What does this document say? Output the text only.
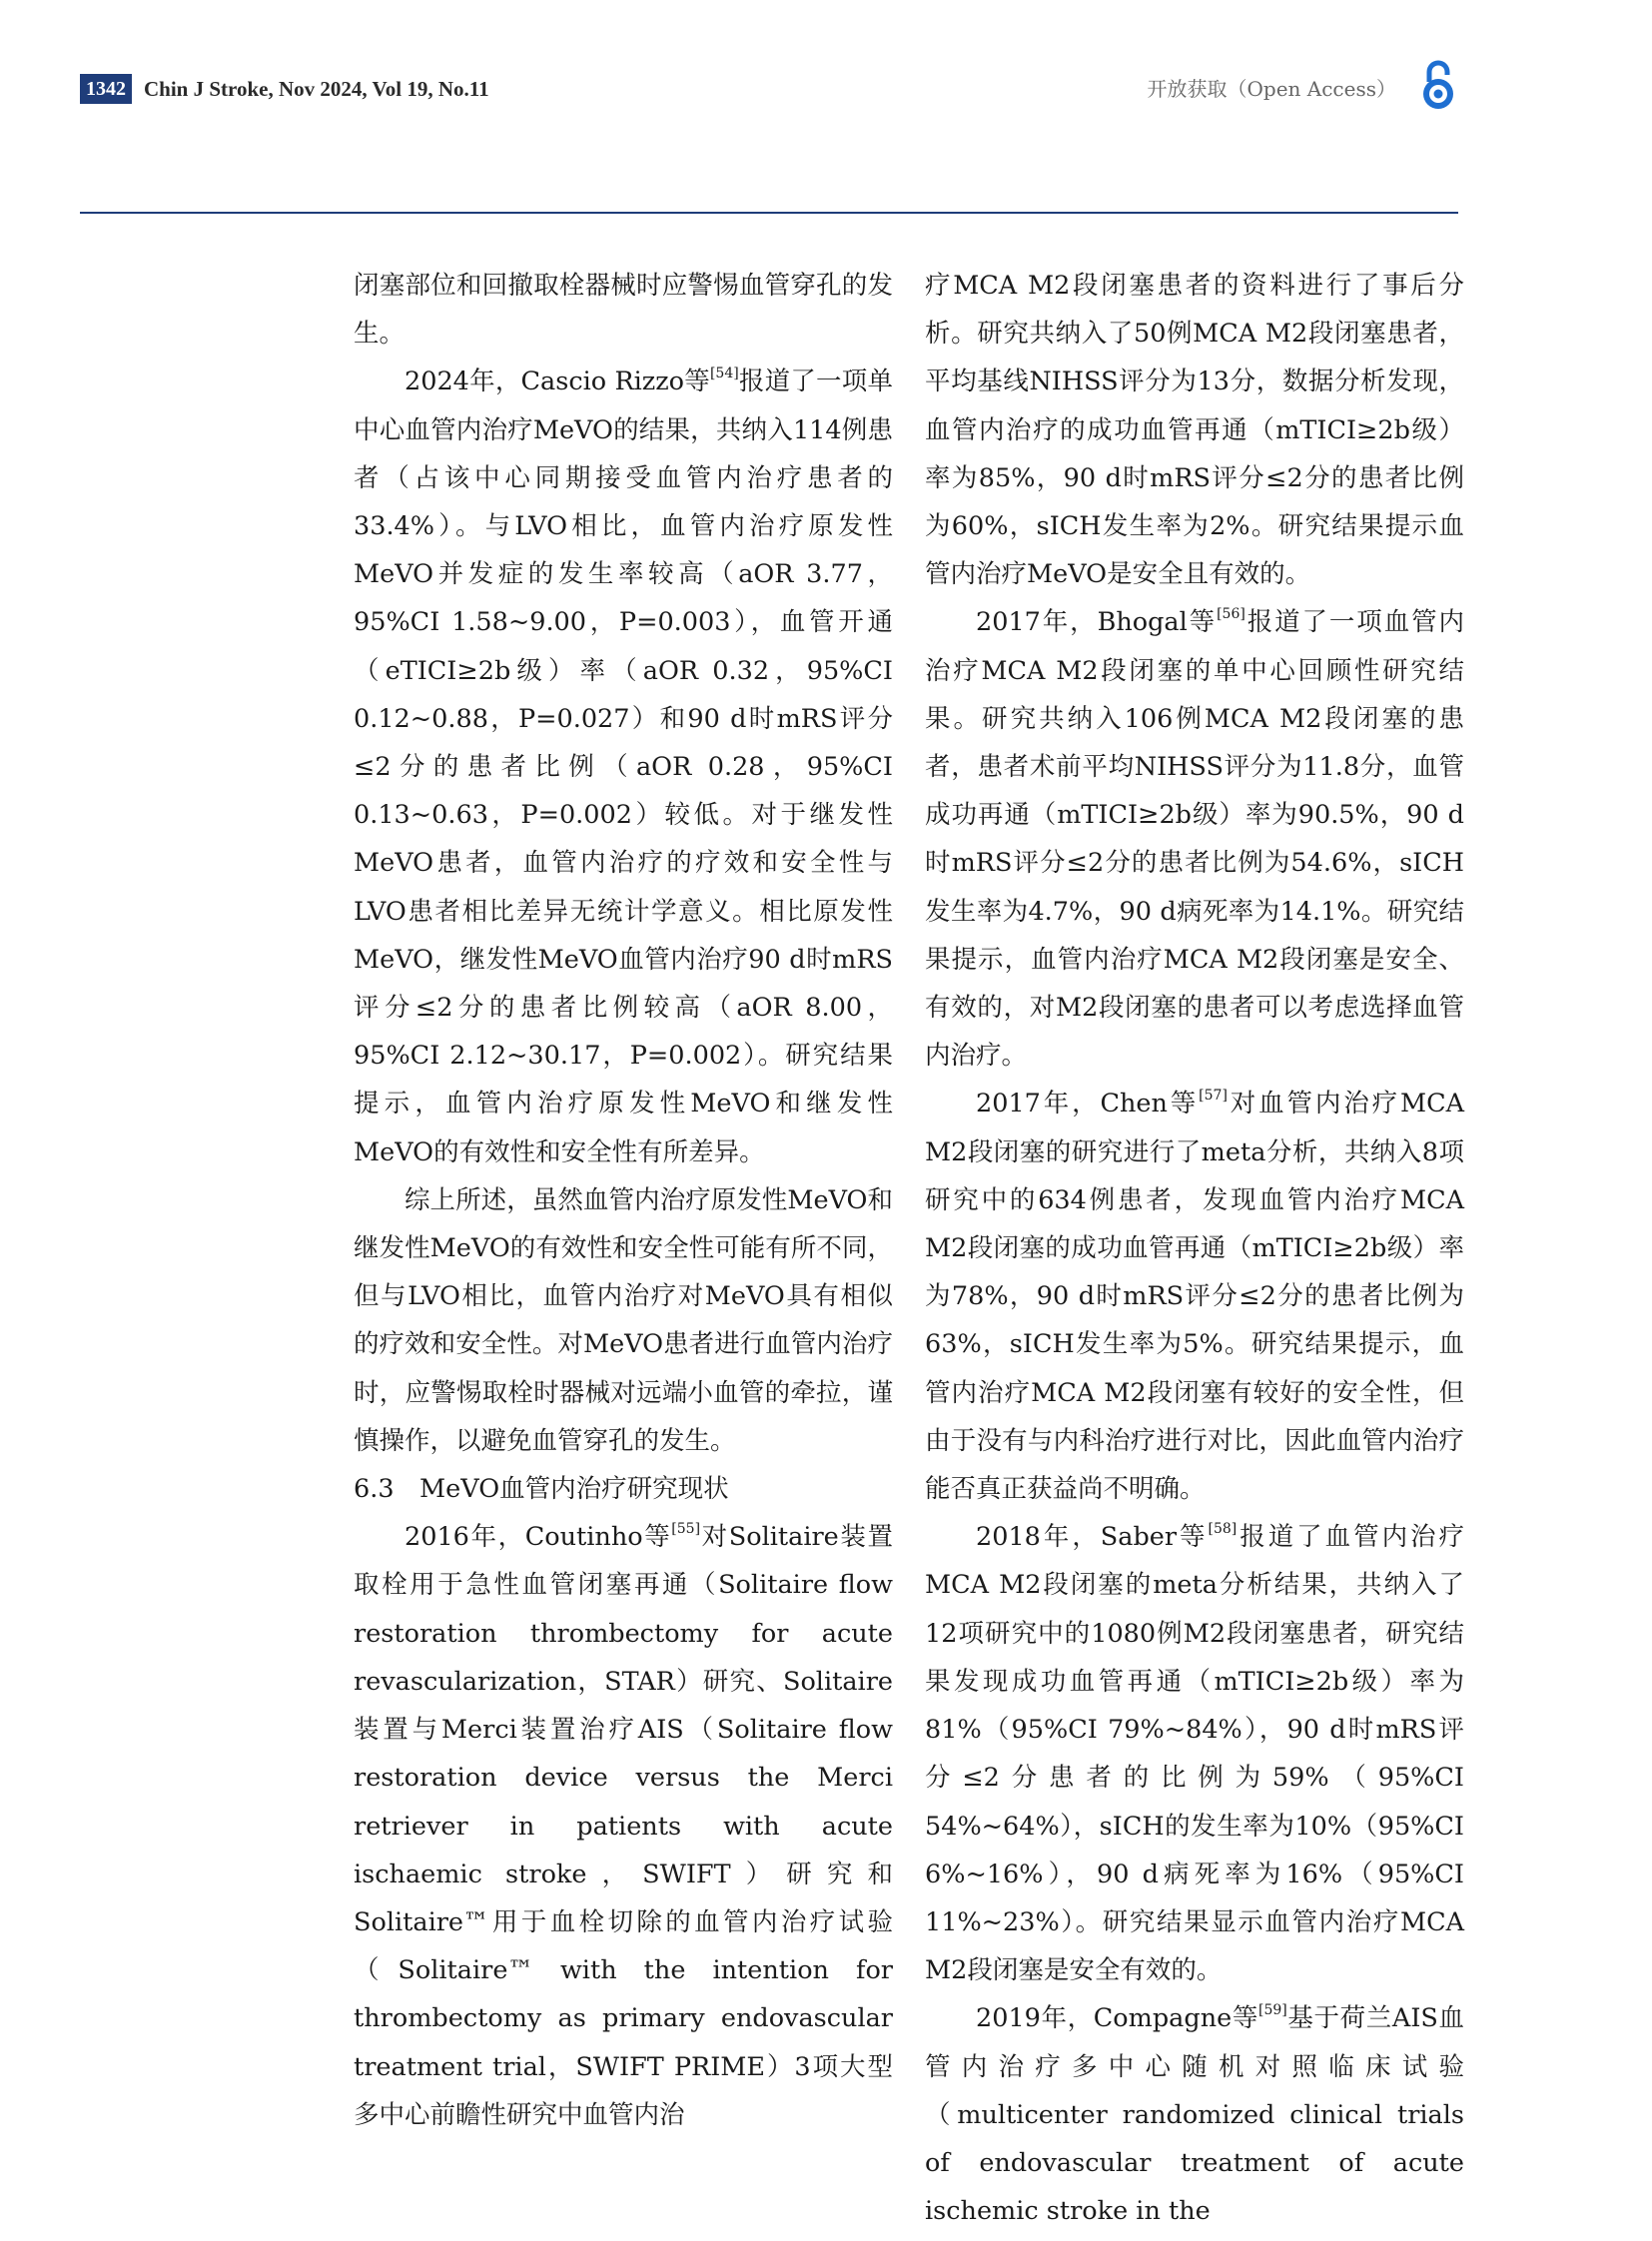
1342 Chin J Stroke, Nov 2024, Vol 19, No.11	开放获取（Open Access）

闭塞部位和回撤取栓器械时应警惕血管穿孔的发生。

2024年，Cascio Rizzo等[54]报道了一项单中心血管内治疗MeVO的结果，共纳入114例患者（占该中心同期接受血管内治疗患者的33.4%）。与LVO相比，血管内治疗原发性MeVO并发症的发生率较高（aOR 3.77，95%CI 1.58~9.00，P=0.003），血管开通（eTICI≥2b级）率（aOR 0.32，95%CI 0.12~0.88，P=0.027）和90 d时mRS评分≤2分的患者比例（aOR 0.28，95%CI 0.13~0.63，P=0.002）较低。对于继发性MeVO患者，血管内治疗的疗效和安全性与LVO患者相比差异无统计学意义。相比原发性MeVO，继发性MeVO血管内治疗90 d时mRS评分≤2分的患者比例较高（aOR 8.00，95%CI 2.12~30.17，P=0.002）。研究结果提示，血管内治疗原发性MeVO和继发性MeVO的有效性和安全性有所差异。

综上所述，虽然血管内治疗原发性MeVO和继发性MeVO的有效性和安全性可能有所不同，但与LVO相比，血管内治疗对MeVO具有相似的疗效和安全性。对MeVO患者进行血管内治疗时，应警惕取栓时器械对远端小血管的牵拉，谨慎操作，以避免血管穿孔的发生。

6.3　MeVO血管内治疗研究现状

2016年，Coutinho等[55]对Solitaire装置取栓用于急性血管闭塞再通（Solitaire flow restoration thrombectomy for acute revascularization，STAR）研究、Solitaire装置与Merci装置治疗AIS（Solitaire flow restoration device versus the Merci retriever in patients with acute ischaemic stroke，SWIFT）研究和Solitaire™用于血栓切除的血管内治疗试验（Solitaire™ with the intention for thrombectomy as primary endovascular treatment trial，SWIFT PRIME）3项大型多中心前瞻性研究中血管内治

疗MCA M2段闭塞患者的资料进行了事后分析。研究共纳入了50例MCA M2段闭塞患者，平均基线NIHSS评分为13分，数据分析发现，血管内治疗的成功血管再通（mTICI≥2b级）率为85%，90 d时mRS评分≤2分的患者比例为60%，sICH发生率为2%。研究结果提示血管内治疗MeVO是安全且有效的。

2017年，Bhogal等[56]报道了一项血管内治疗MCA M2段闭塞的单中心回顾性研究结果。研究共纳入106例MCA M2段闭塞的患者，患者术前平均NIHSS评分为11.8分，血管成功再通（mTICI≥2b级）率为90.5%，90 d时mRS评分≤2分的患者比例为54.6%，sICH发生率为4.7%，90 d病死率为14.1%。研究结果提示，血管内治疗MCA M2段闭塞是安全、有效的，对M2段闭塞的患者可以考虑选择血管内治疗。

2017年，Chen等[57]对血管内治疗MCA M2段闭塞的研究进行了meta分析，共纳入8项研究中的634例患者，发现血管内治疗MCA M2段闭塞的成功血管再通（mTICI≥2b级）率为78%，90 d时mRS评分≤2分的患者比例为63%，sICH发生率为5%。研究结果提示，血管内治疗MCA M2段闭塞有较好的安全性，但由于没有与内科治疗进行对比，因此血管内治疗能否真正获益尚不明确。

2018年，Saber等[58]报道了血管内治疗MCA M2段闭塞的meta分析结果，共纳入了12项研究中的1080例M2段闭塞患者，研究结果发现成功血管再通（mTICI≥2b级）率为81%（95%CI 79%~84%），90 d时mRS评分≤2分患者的比例为59%（95%CI 54%~64%），sICH的发生率为10%（95%CI 6%~16%），90 d病死率为16%（95%CI 11%~23%）。研究结果显示血管内治疗MCA M2段闭塞是安全有效的。

2019年，Compagne等[59]基于荷兰AIS血管内治疗多中心随机对照临床试验（multicenter randomized clinical trials of endovascular treatment of acute ischemic stroke in the
